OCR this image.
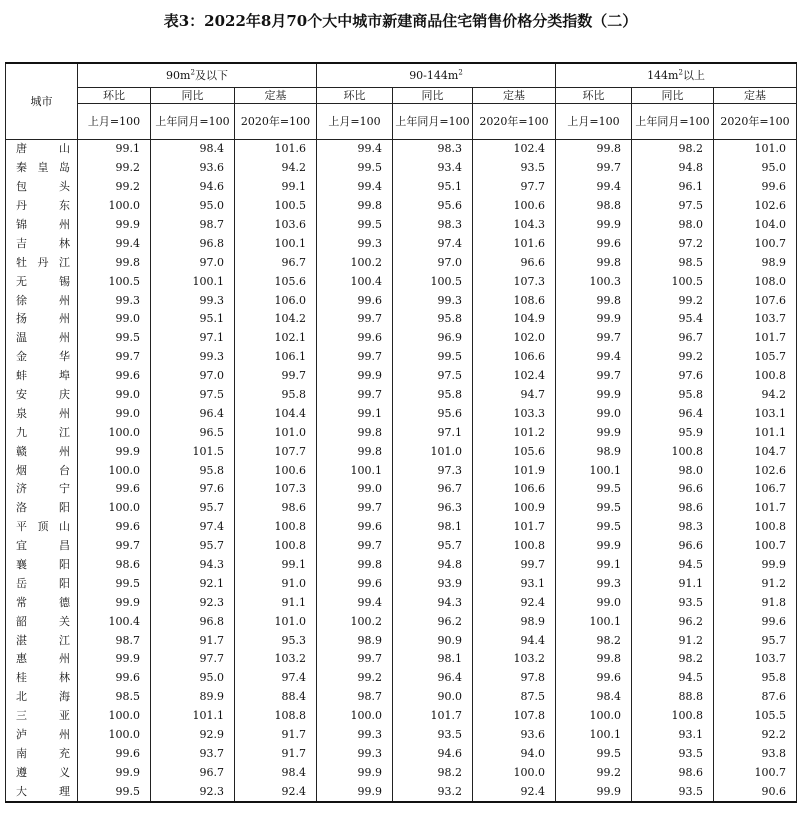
表3：2022年8月70个大中城市新建商品住宅销售价格分类指数（二）
城市	$90m^2$及以下			$90-144m^2$			$144m^2$以上		
	环比	同比	定基	环比	同比	定基	环比	同比	定基
	上月=100	上年同月=100	2020年=100	上月=100	上年同月=100	2020年=100	上月=100	上年同月=100	2020年=100

唐 山	99.1	98.4	101.6	99.4	98.3	102.4	99.8	98.2	101.0

秦 皇 岛	99.2	93.6	94.2	99.5	93.4	93.5	99.7	94.8	95.0

包 头	99.2	94.6	99.1	99.4	95.1	97.7	99.4	96.1	99.6

丹 东	100.0	95.0	100.5	99.8	95.6	100.6	98.8	97.5	102.6

锦 州	99.9	98.7	103.6	99.5	98.3	104.3	99.9	98.0	104.0

吉 林	99.4	96.8	100.1	99.3	97.4	101.6	99.6	97.2	100.7

牡 丹 江	99.8	97.0	96.7	100.2	97.0	96.6	99.8	98.5	98.9

无 锡	100.5	100.1	105.6	100.4	100.5	107.3	100.3	100.5	108.0

徐 州	99.3	99.3	106.0	99.6	99.3	108.6	99.8	99.2	107.6

扬 州	99.0	95.1	104.2	99.7	95.8	104.9	99.9	95.4	103.7

温 州	99.5	97.1	102.1	99.6	96.9	102.0	99.7	96.7	101.7

金 华	99.7	99.3	106.1	99.7	99.5	106.6	99.4	99.2	105.7

蚌 埠	99.6	97.0	99.7	99.9	97.5	102.4	99.7	97.6	100.8

安 庆	99.0	97.5	95.8	99.7	95.8	94.7	99.9	95.8	94.2

泉 州	99.0	96.4	104.4	99.1	95.6	103.3	99.0	96.4	103.1

九 江	100.0	96.5	101.0	99.8	97.1	101.2	99.9	95.9	101.1

赣 州	99.9	101.5	107.7	99.8	101.0	105.6	98.9	100.8	104.7

烟 台	100.0	95.8	100.6	100.1	97.3	101.9	100.1	98.0	102.6

济 宁	99.6	97.6	107.3	99.0	96.7	106.6	99.5	96.6	106.7

洛 阳	100.0	95.7	98.6	99.7	96.3	100.9	99.5	98.6	101.7

平 顶 山	99.6	97.4	100.8	99.6	98.1	101.7	99.5	98.3	100.8

宜 昌	99.7	95.7	100.8	99.7	95.7	100.8	99.9	96.6	100.7

襄 阳	98.6	94.3	99.1	99.8	94.8	99.7	99.1	94.5	99.9

岳 阳	99.5	92.1	91.0	99.6	93.9	93.1	99.3	91.1	91.2

常 德	99.9	92.3	91.1	99.4	94.3	92.4	99.0	93.5	91.8

韶 关	100.4	96.8	101.0	100.2	96.2	98.9	100.1	96.2	99.6

湛 江	98.7	91.7	95.3	98.9	90.9	94.4	98.2	91.2	95.7

惠 州	99.9	97.7	103.2	99.7	98.1	103.2	99.8	98.2	103.7

桂 林	99.6	95.0	97.4	99.2	96.4	97.8	99.6	94.5	95.8

北 海	98.5	89.9	88.4	98.7	90.0	87.5	98.4	88.8	87.6

三 亚	100.0	101.1	108.8	100.0	101.7	107.8	100.0	100.8	105.5

泸 州	100.0	92.9	91.7	99.3	93.5	93.6	100.1	93.1	92.2

南 充	99.6	93.7	91.7	99.3	94.6	94.0	99.5	93.5	93.8

遵 义	99.9	96.7	98.4	99.9	98.2	100.0	99.2	98.6	100.7

大 理	99.5	92.3	92.4	99.9	93.2	92.4	99.9	93.5	90.6
